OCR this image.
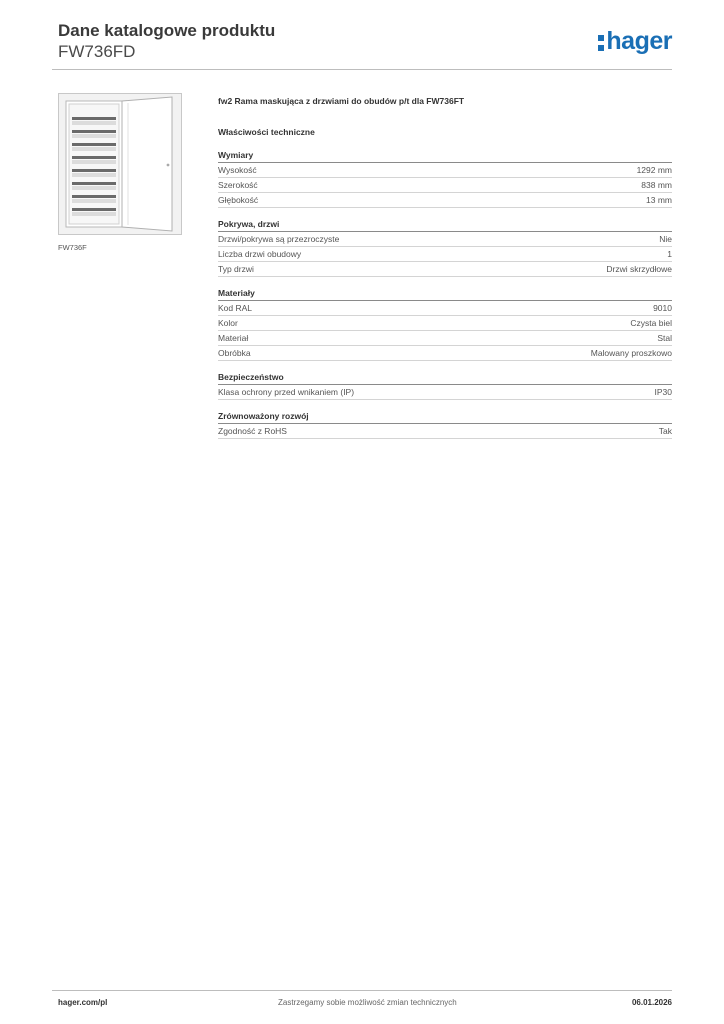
Dane katalogowe produktu
FW736FD	hager
FW736F
fw2 Rama maskująca z drzwiami do obudów p/t dla FW736FT
Właściwości techniczne
Wymiary
Wysokość	1292 mm
Szerokość	838 mm
Głębokość	13 mm
Pokrywa, drzwi
Drzwi/pokrywa są przezroczyste	Nie
Liczba drzwi obudowy	1
Typ drzwi	Drzwi skrzydłowe
Materiały
Kod RAL	9010
Kolor	Czysta biel
Materiał	Stal
Obróbka	Malowany proszkowo
Bezpieczeństwo
Klasa ochrony przed wnikaniem (IP)	IP30
Zrównoważony rozwój
Zgodność z RoHS	Tak
hager.com/pl	Zastrzegamy sobie możliwość zmian technicznych	06.01.2026
